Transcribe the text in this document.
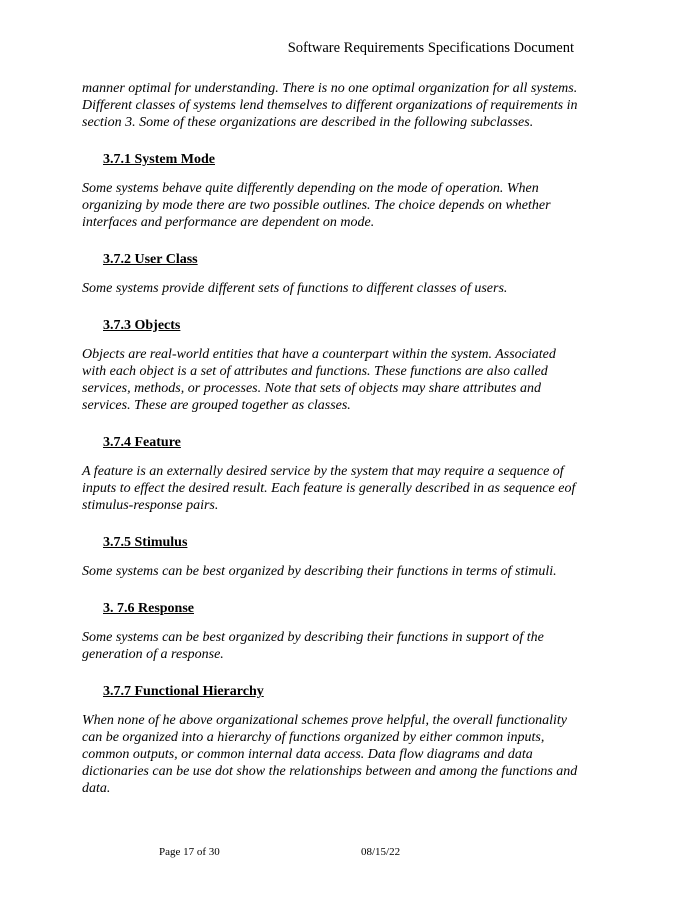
Software Requirements Specifications Document

manner optimal for understanding. There is no one optimal organization for all systems. Different classes of systems lend themselves to different organizations of requirements in section 3. Some of these organizations are described in the following subclasses.

3.7.1 System Mode

Some systems behave quite differently depending on the mode of operation. When organizing by mode there are two possible outlines. The choice depends on whether interfaces and performance are dependent on mode.

3.7.2 User Class

Some systems provide different sets of functions to different classes of users.

3.7.3 Objects

Objects are real-world entities that have a counterpart within the system. Associated with each object is a set of attributes and functions. These functions are also called services, methods, or processes. Note that sets of objects may share attributes and services. These are grouped together as classes.

3.7.4 Feature

A feature is an externally desired service by the system that may require a sequence of inputs to effect the desired result. Each feature is generally described in as sequence eof stimulus-response pairs.

3.7.5 Stimulus

Some systems can be best organized by describing their functions in terms of stimuli.

3. 7.6 Response

Some systems can be best organized by describing their functions in support of the generation of a response.

3.7.7 Functional Hierarchy

When none of he above organizational schemes prove helpful, the overall functionality can be organized into a hierarchy of functions organized by either common inputs, common outputs, or common internal data access. Data flow diagrams and data dictionaries can be use dot show the relationships between and among the functions and data.

Page 17 of 30	08/15/22
